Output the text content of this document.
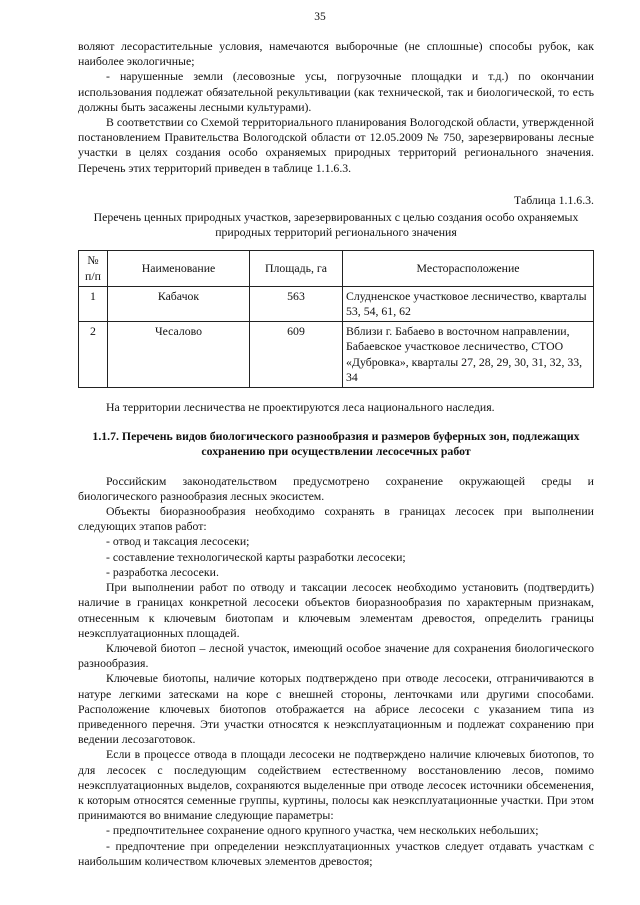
35

воляют лесорастительные условия, намечаются выборочные (не сплошные) способы рубок, как наиболее экологичные;

- нарушенные земли (лесовозные усы, погрузочные площадки и т.д.) по окончании использования подлежат обязательной рекультивации (как технической, так и биологической, то есть должны быть засажены лесными культурами).

В соответствии со Схемой территориального планирования Вологодской области, утвержденной постановлением Правительства Вологодской области от 12.05.2009 № 750, зарезервированы лесные участки в целях создания особо охраняемых природных территорий регионального значения. Перечень этих территорий приведен в таблице 1.1.6.3.

Таблица 1.1.6.3.

Перечень ценных природных участков, зарезервированных с целью создания особо охраняемых природных территорий регионального значения

№ п/п	Наименование	Площадь, га	Месторасположение
1	Кабачок	563	Слудненское участковое лесничество, кварталы 53, 54, 61, 62
2	Чесалово	609	Вблизи г. Бабаево в восточном направлении, Бабаевское участковое лесничество, СТОО «Дубровка», кварталы 27, 28, 29, 30, 31, 32, 33, 34

На территории лесничества не проектируются леса национального наследия.

1.1.7. Перечень видов биологического разнообразия и размеров буферных зон, подлежащих сохранению при осуществлении лесосечных работ

Российским законодательством предусмотрено сохранение окружающей среды и биологического разнообразия лесных экосистем.

Объекты биоразнообразия необходимо сохранять в границах лесосек при выполнении следующих этапов работ:

- отвод и таксация лесосеки;

- составление технологической карты разработки лесосеки;

- разработка лесосеки.

При выполнении работ по отводу и таксации лесосек необходимо установить (подтвердить) наличие в границах конкретной лесосеки объектов биоразнообразия по характерным признакам, отнесенным к ключевым биотопам и ключевым элементам древостоя, определить границы неэксплуатационных площадей.

Ключевой биотоп – лесной участок, имеющий особое значение для сохранения биологического разнообразия.

Ключевые биотопы, наличие которых подтверждено при отводе лесосеки, отграничиваются в натуре легкими затесками на коре с внешней стороны, ленточками или другими способами. Расположение ключевых биотопов отображается на абрисе лесосеки с указанием типа из приведенного перечня. Эти участки относятся к неэксплуатационным и подлежат сохранению при ведении лесозаготовок.

Если в процессе отвода в площади лесосеки не подтверждено наличие ключевых биотопов, то для лесосек с последующим содействием естественному восстановлению лесов, помимо неэксплуатационных выделов, сохраняются выделенные при отводе лесосек источники обсеменения, к которым относятся семенные группы, куртины, полосы как неэксплуатационные участки. При этом принимаются во внимание следующие параметры:

- предпочтительнее сохранение одного крупного участка, чем нескольких небольших;

- предпочтение при определении неэксплуатационных участков следует отдавать участкам с наибольшим количеством ключевых элементов древостоя;
